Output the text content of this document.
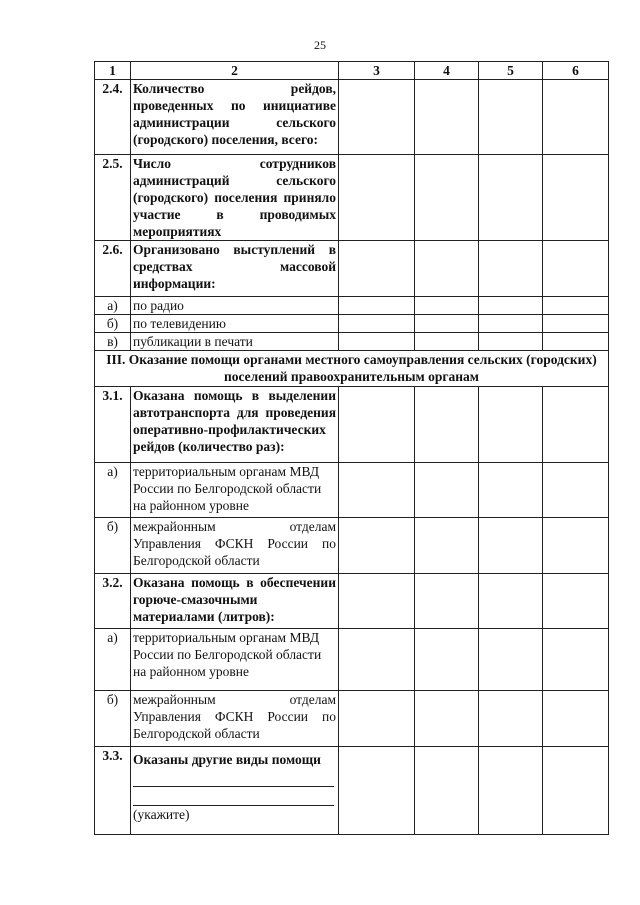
25
1	2	3	4	5	6
2.4.	Количество рейдов, проведенных по инициативе администрации сельского (городского) поселения, всего:				
2.5.	Число сотрудников администраций сельского (городского) поселения приняло участие в проводимых мероприятиях				
2.6.	Организовано выступлений в средствах массовой информации:				
а)	по радио				
б)	по телевидению				
в)	публикации в печати				
III. Оказание помощи органами местного самоуправления сельских (городских) поселений правоохранительным органам					
3.1.	Оказана помощь в выделении автотранспорта для проведения оперативно-профилактических рейдов (количество раз):				
а)	территориальным органам МВД России по Белгородской области на районном уровне				
б)	межрайонным отделам Управления ФСКН России по Белгородской области				
3.2.	Оказана помощь в обеспечении горюче-смазочными материалами (литров):				
а)	территориальным органам МВД России по Белгородской области на районном уровне				
б)	межрайонным отделам Управления ФСКН России по Белгородской области				
3.3.	Оказаны другие виды помощи
(укажите)				
